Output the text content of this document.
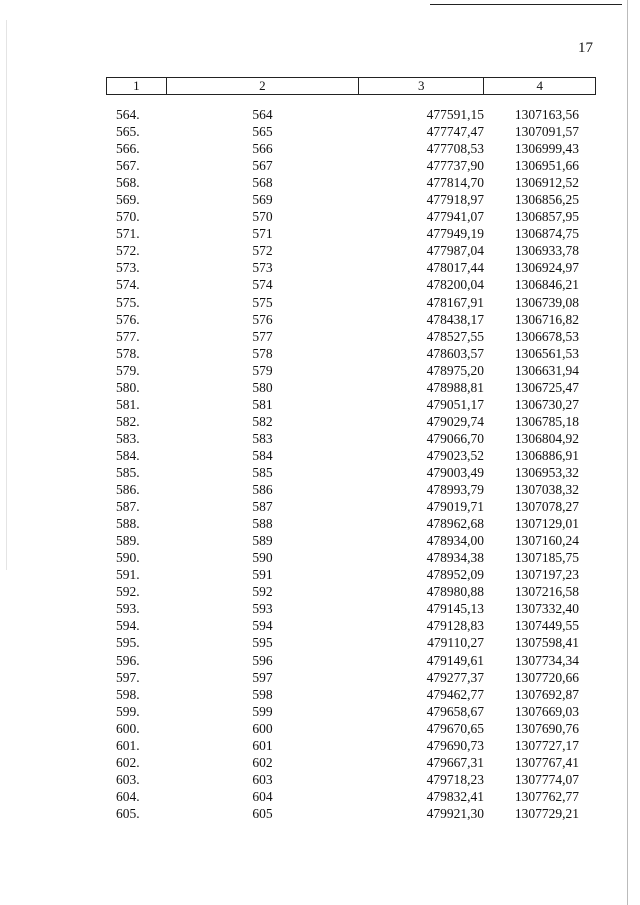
17
1	2	3	4
564.	564	477591,15	1307163,56
565.	565	477747,47	1307091,57
566.	566	477708,53	1306999,43
567.	567	477737,90	1306951,66
568.	568	477814,70	1306912,52
569.	569	477918,97	1306856,25
570.	570	477941,07	1306857,95
571.	571	477949,19	1306874,75
572.	572	477987,04	1306933,78
573.	573	478017,44	1306924,97
574.	574	478200,04	1306846,21
575.	575	478167,91	1306739,08
576.	576	478438,17	1306716,82
577.	577	478527,55	1306678,53
578.	578	478603,57	1306561,53
579.	579	478975,20	1306631,94
580.	580	478988,81	1306725,47
581.	581	479051,17	1306730,27
582.	582	479029,74	1306785,18
583.	583	479066,70	1306804,92
584.	584	479023,52	1306886,91
585.	585	479003,49	1306953,32
586.	586	478993,79	1307038,32
587.	587	479019,71	1307078,27
588.	588	478962,68	1307129,01
589.	589	478934,00	1307160,24
590.	590	478934,38	1307185,75
591.	591	478952,09	1307197,23
592.	592	478980,88	1307216,58
593.	593	479145,13	1307332,40
594.	594	479128,83	1307449,55
595.	595	479110,27	1307598,41
596.	596	479149,61	1307734,34
597.	597	479277,37	1307720,66
598.	598	479462,77	1307692,87
599.	599	479658,67	1307669,03
600.	600	479670,65	1307690,76
601.	601	479690,73	1307727,17
602.	602	479667,31	1307767,41
603.	603	479718,23	1307774,07
604.	604	479832,41	1307762,77
605.	605	479921,30	1307729,21
